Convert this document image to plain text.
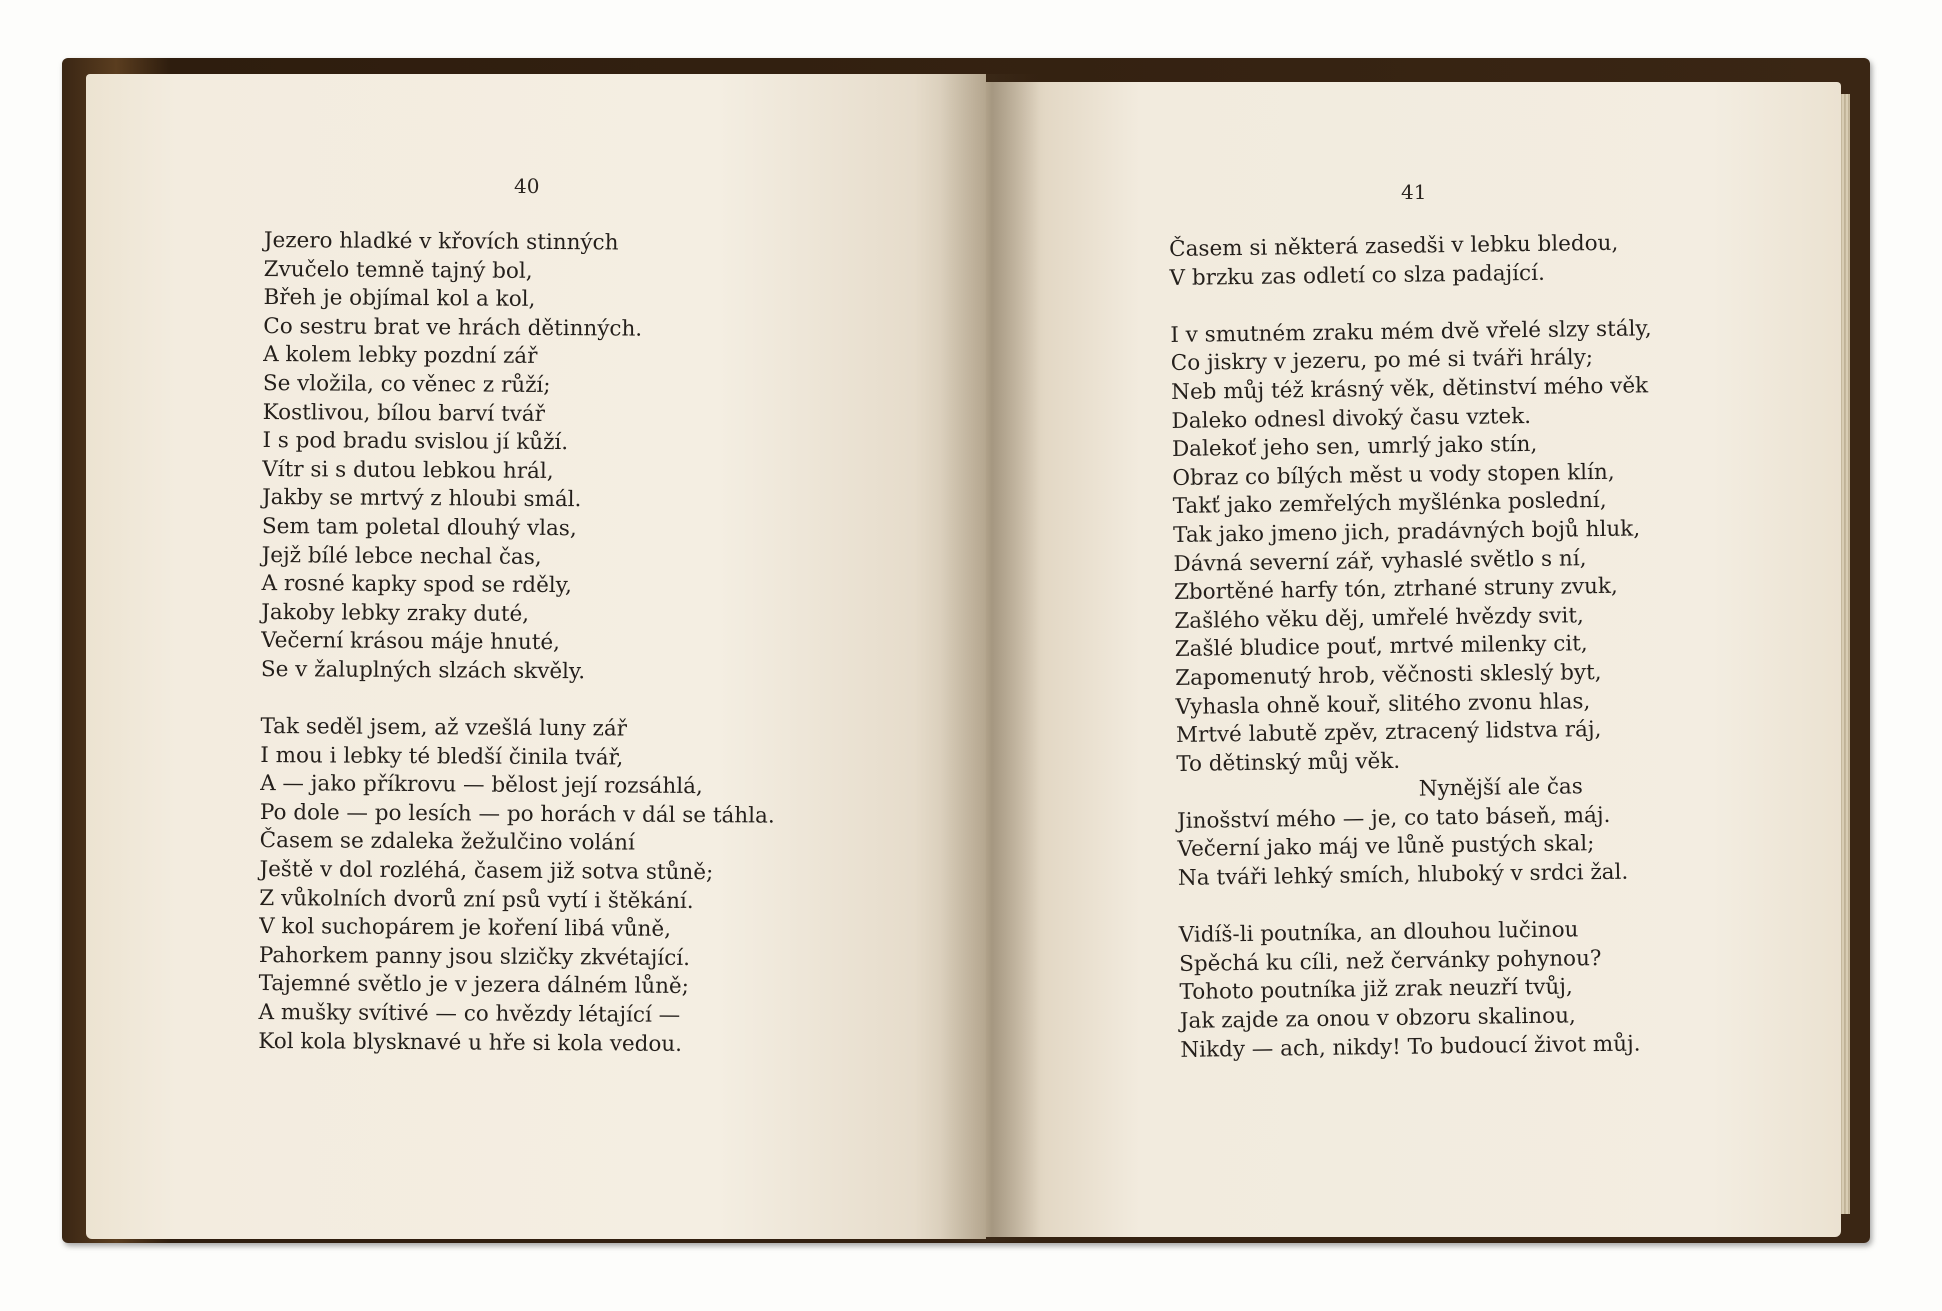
40	41
Jezero hladké v křovích stinných
Zvučelo temně tajný bol,
Břeh je objímal kol a kol,
Co sestru brat ve hrách dětinných.
A kolem lebky pozdní zář
Se vložila, co věnec z růží;
Kostlivou, bílou barví tvář
I s pod bradu svislou jí kůží.
Vítr si s dutou lebkou hrál,
Jakby se mrtvý z hloubi smál.
Sem tam poletal dlouhý vlas,
Jejž bílé lebce nechal čas,
A rosné kapky spod se rděly,
Jakoby lebky zraky duté,
Večerní krásou máje hnuté,
Se v žaluplných slzách skvěly.
Tak seděl jsem, až vzešlá luny zář
I mou i lebky té bledší činila tvář,
A — jako příkrovu — bělost její rozsáhlá,
Po dole — po lesích — po horách v dál se táhla.
Časem se zdaleka žežulčino volání
Ještě v dol rozléhá, časem již sotva stůně;
Z vůkolních dvorů zní psů vytí i štěkání.
V kol suchopárem je koření libá vůně,
Pahorkem panny jsou slzičky zkvétající.
Tajemné světlo je v jezera dálném lůně;
A mušky svítivé — co hvězdy létající —
Kol kola blysknavé u hře si kola vedou.
Časem si některá zasedši v lebku bledou,
V brzku zas odletí co slza padající.
I v smutném zraku mém dvě vřelé slzy stály,
Co jiskry v jezeru, po mé si tváři hrály;
Neb můj též krásný věk, dětinství mého věk
Daleko odnesl divoký času vztek.
Dalekoť jeho sen, umrlý jako stín,
Obraz co bílých měst u vody stopen klín,
Takť jako zemřelých myšlénka poslední,
Tak jako jmeno jich, pradávných bojů hluk,
Dávná severní zář, vyhaslé světlo s ní,
Zbortěné harfy tón, ztrhané struny zvuk,
Zašlého věku děj, umřelé hvězdy svit,
Zašlé bludice pouť, mrtvé milenky cit,
Zapomenutý hrob, věčnosti skleslý byt,
Vyhasla ohně kouř, slitého zvonu hlas,
Mrtvé labutě zpěv, ztracený lidstva ráj,
To dětinský můj věk.
Nynější ale čas
Jinošství mého — je, co tato báseň, máj.
Večerní jako máj ve lůně pustých skal;
Na tváři lehký smích, hluboký v srdci žal.
Vidíš-li poutníka, an dlouhou lučinou
Spěchá ku cíli, než červánky pohynou?
Tohoto poutníka již zrak neuzří tvůj,
Jak zajde za onou v obzoru skalinou,
Nikdy — ach, nikdy! To budoucí život můj.
